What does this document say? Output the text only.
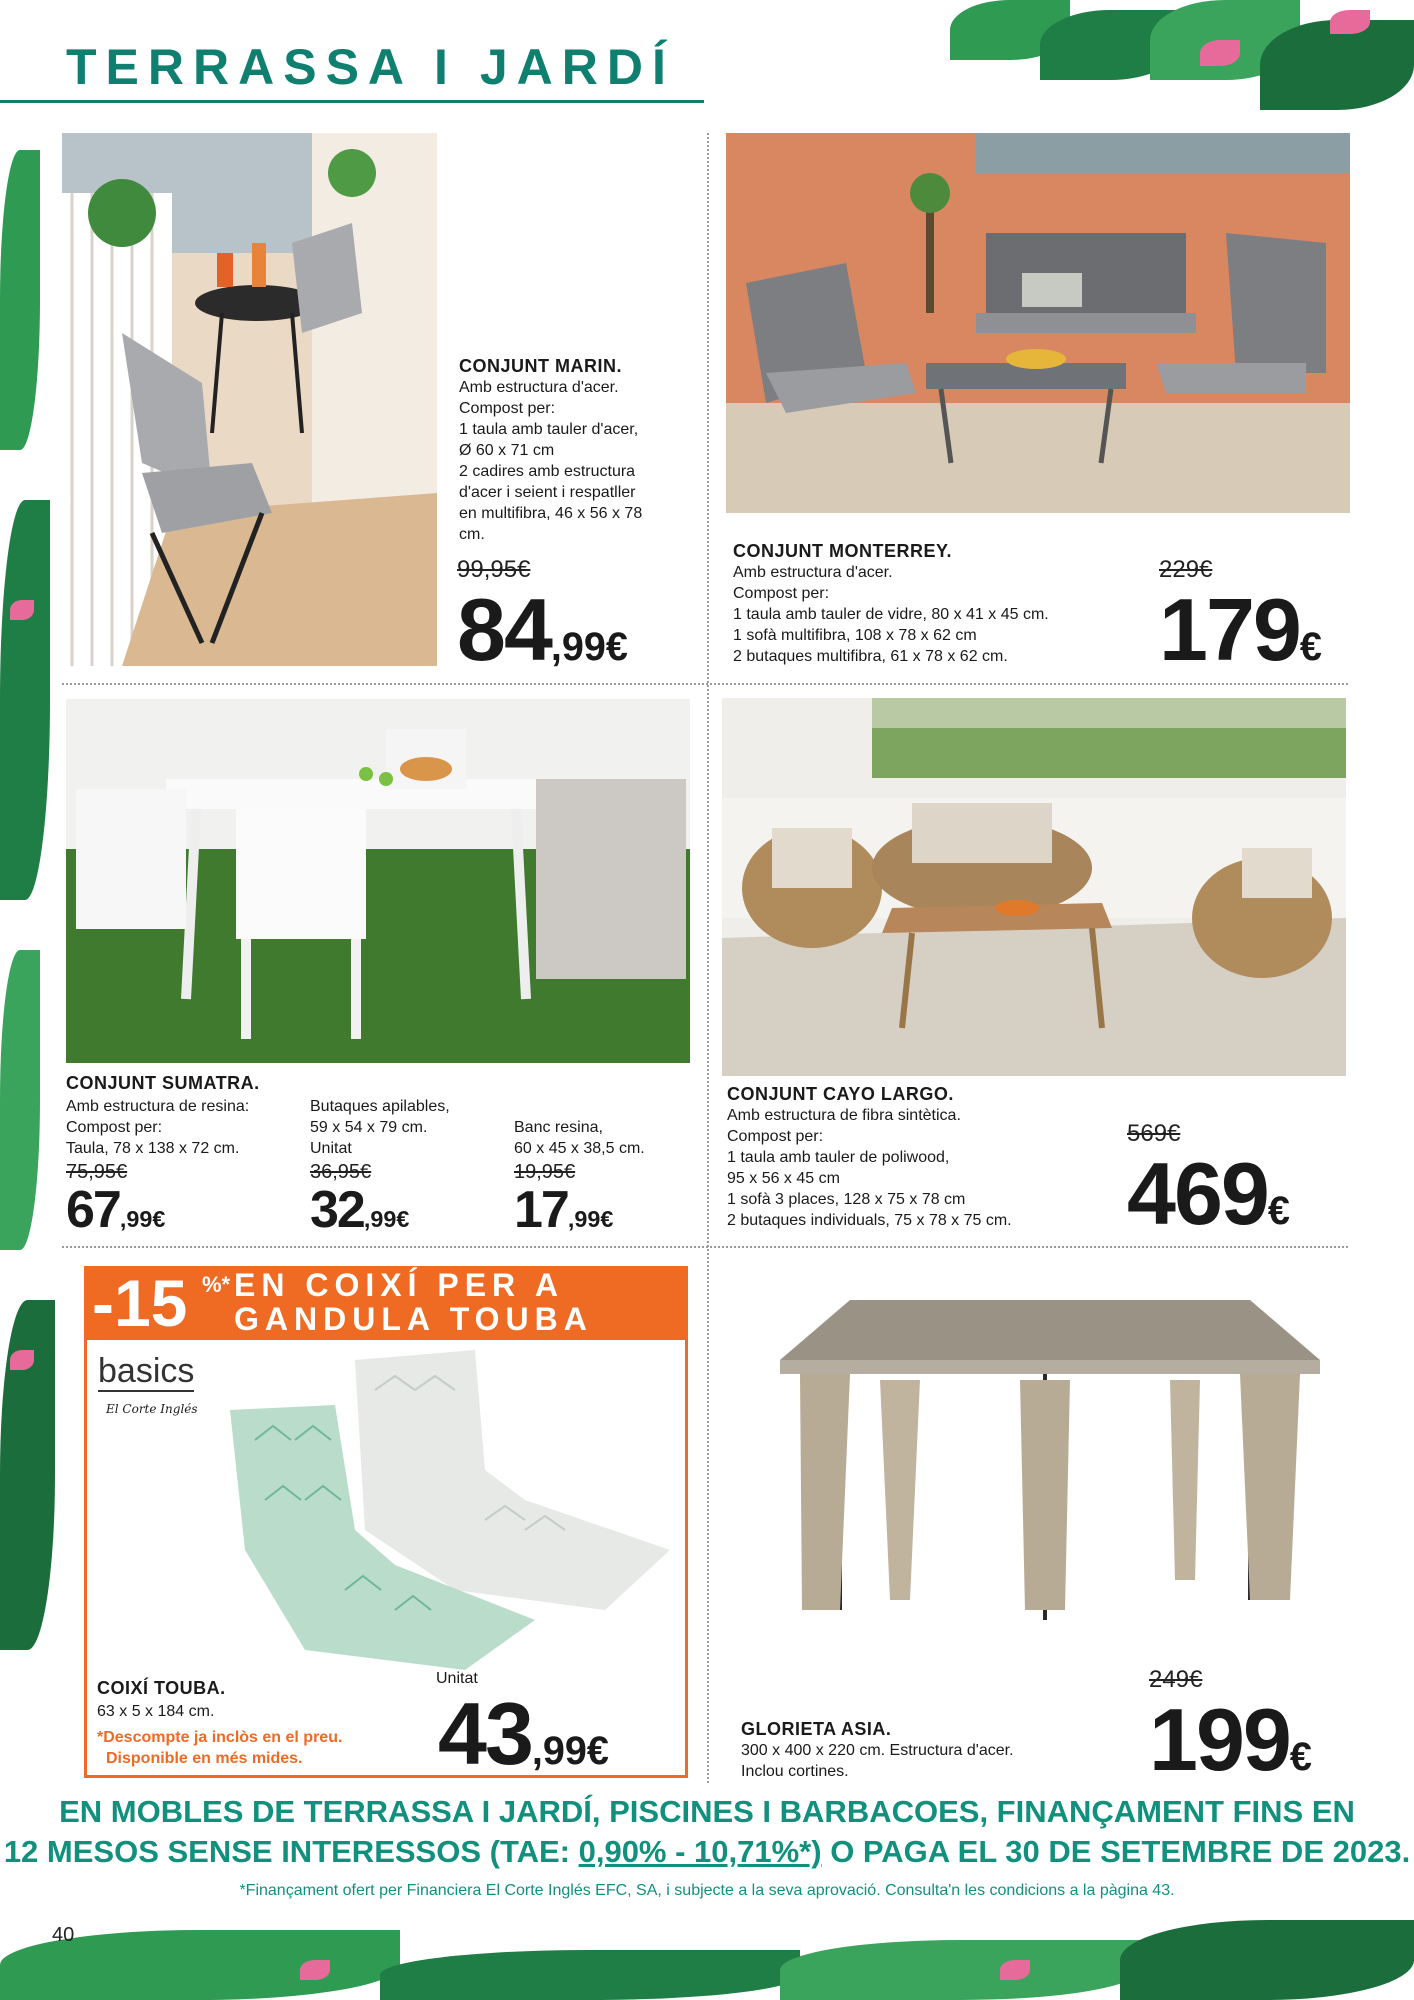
TERRASSA I JARDÍ
CONJUNT MARIN.
Amb estructura d'acer.
Compost per:
1 taula amb tauler d'acer,
Ø 60 x 71 cm
2 cadires amb estructura
d'acer i seient i respatller
en multifibra, 46 x 56 x 78
cm.
99,95€
84,99€
CONJUNT MONTERREY.
Amb estructura d'acer.
Compost per:
1 taula amb tauler de vidre, 80 x 41 x 45 cm.
1 sofà multifibra, 108 x 78 x 62 cm
2 butaques multifibra, 61 x 78 x 62 cm.
229€
179€
CONJUNT SUMATRA.
Amb estructura de resina:
Compost per:
Taula, 78 x 138 x 72 cm.
75,95€
67,99€
Butaques apilables,
59 x 54 x 79 cm.
Unitat
36,95€
32,99€
Banc resina,
60 x 45 x 38,5 cm.
19,95€
17,99€
CONJUNT CAYO LARGO.
Amb estructura de fibra sintètica.
Compost per:
1 taula amb tauler de poliwood,
95 x 56 x 45 cm
1 sofà 3 places, 128 x 75 x 78 cm
2 butaques individuals, 75 x 78 x 75 cm.
569€
469€
-15 %* EN COIXÍ PER A
GANDULA TOUBA
basics
El Corte Inglés
COIXÍ TOUBA.
63 x 5 x 184 cm.
*Descompte ja inclòs en el preu.
Disponible en més mides.
Unitat
43,99€	GLORIETA ASIA.
300 x 400 x 220 cm. Estructura d'acer.
Inclou cortines.
249€
199€
EN MOBLES DE TERRASSA I JARDÍ, PISCINES I BARBACOES, FINANÇAMENT FINS EN
12 MESOS SENSE INTERESSOS (TAE: 0,90% - 10,71%*) O PAGA EL 30 DE SETEMBRE DE 2023.
*Finançament ofert per Financiera El Corte Inglés EFC, SA, i subjecte a la seva aprovació. Consulta'n les condicions a la pàgina 43.
40
